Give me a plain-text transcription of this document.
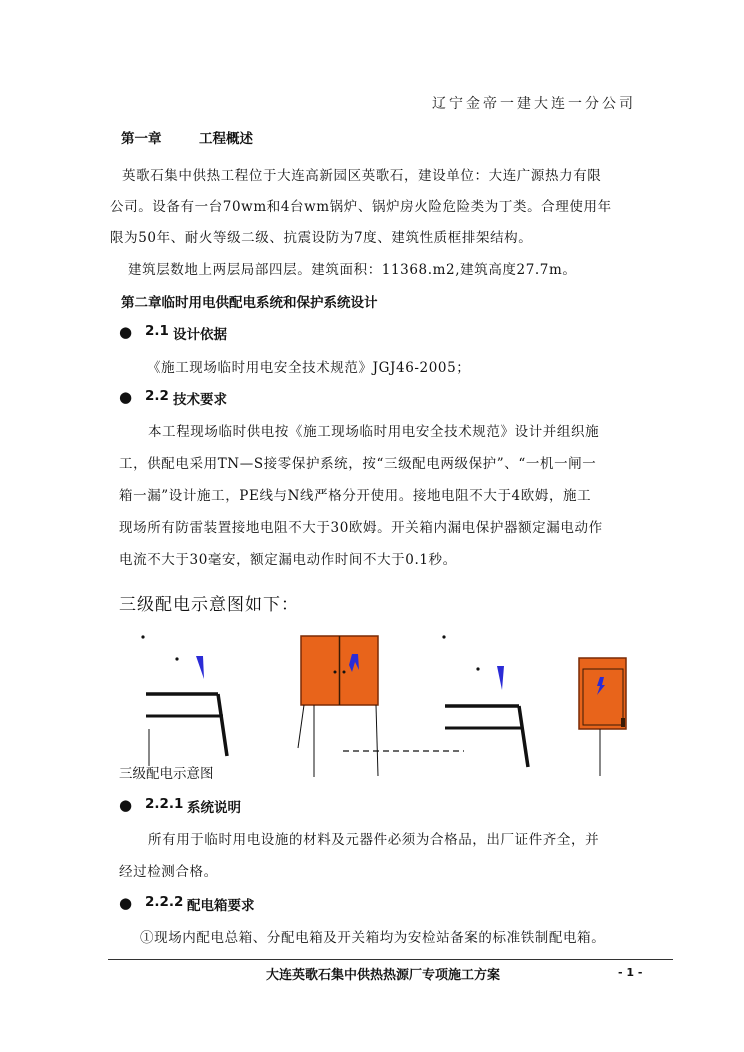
辽宁金帝一建大连一分公司
第一章	工程概述
英歌石集中供热工程位于大连高新园区英歌石，建设单位：大连广源热力有限
公司。设备有一台70wm和4台wm锅炉、锅炉房火险危险类为丁类。合理使用年
限为50年、耐火等级二级、抗震设防为7度、建筑性质框排架结构。
建筑层数地上两层局部四层。建筑面积：11368.m2,建筑高度27.7m。
第二章临时用电供配电系统和保护系统设计
● 2.1 设计依据
《施工现场临时用电安全技术规范》JGJ46-2005；
● 2.2 技术要求
本工程现场临时供电按《施工现场临时用电安全技术规范》设计并组织施
工，供配电采用TN—S接零保护系统，按“三级配电两级保护”、“一机一闸一
箱一漏”设计施工，PE线与N线严格分开使用。接地电阻不大于4欧姆，施工
现场所有防雷装置接地电阻不大于30欧姆。开关箱内漏电保护器额定漏电动作
电流不大于30毫安，额定漏电动作时间不大于0.1秒。
三级配电示意图如下：
三级配电示意图
● 2.2.1 系统说明
所有用于临时用电设施的材料及元器件必须为合格品，出厂证件齐全，并
经过检测合格。
● 2.2.2 配电箱要求
①现场内配电总箱、分配电箱及开关箱均为安检站备案的标准铁制配电箱。
大连英歌石集中供热热源厂专项施工方案	- 1 -
